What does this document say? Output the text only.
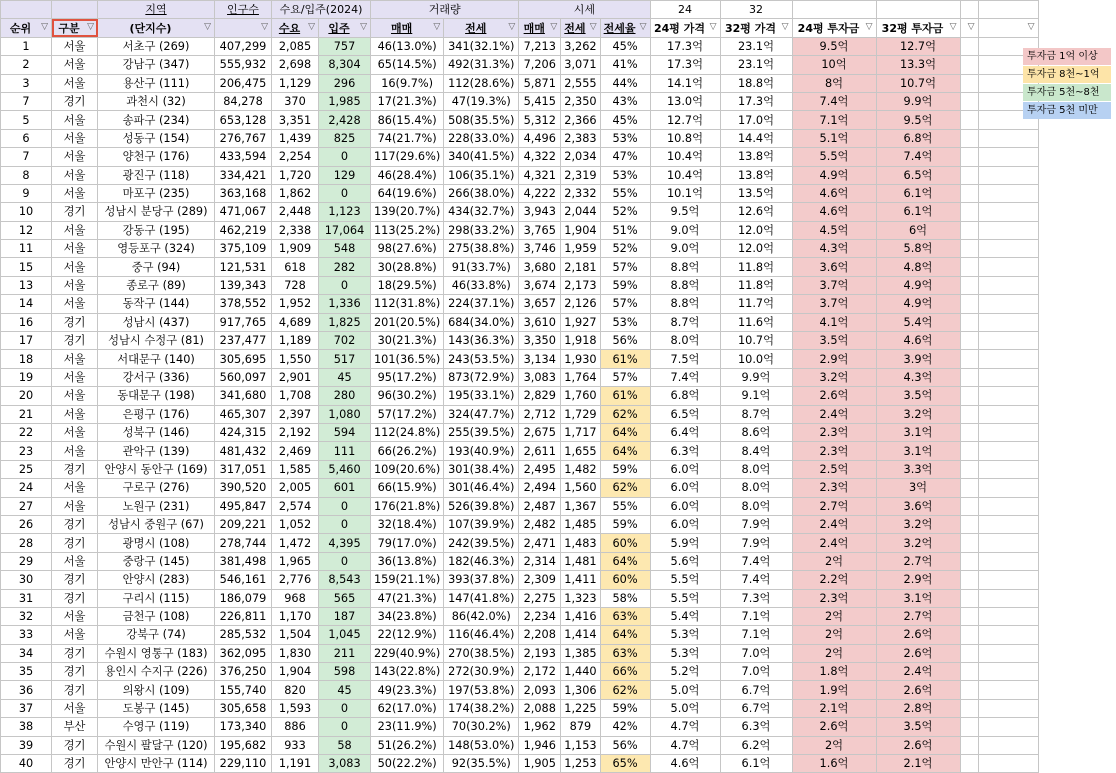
		지역	인구수	수요/입주(2024)		거래량		시세			24	32				
순위 ▽	구분 ▽	(단지수) ▽	▽	수요 ▽	입주 ▽	매매 ▽	전세 ▽	매매 ▽	전세 ▽	전세율 ▽	24평 가격 ▽	32평 가격 ▽	24평 투자금 ▽	32평 투자금 ▽	▽	▽

1	서울	서초구 (269)	407,299	2,085	757	46(13.0%)	341(32.1%)	7,213	3,262	45%	17.3억	23.1억	9.5억	12.7억		
2	서울	강남구 (347)	555,932	2,698	8,304	65(14.5%)	492(31.3%)	7,206	3,071	41%	17.3억	23.1억	10억	13.3억		
3	서울	용산구 (111)	206,475	1,129	296	16(9.7%)	112(28.6%)	5,871	2,555	44%	14.1억	18.8억	8억	10.7억		
7	경기	과천시 (32)	84,278	370	1,985	17(21.3%)	47(19.3%)	5,415	2,350	43%	13.0억	17.3억	7.4억	9.9억		
5	서울	송파구 (234)	653,128	3,351	2,428	86(15.4%)	508(35.5%)	5,312	2,366	45%	12.7억	17.0억	7.1억	9.5억		
6	서울	성동구 (154)	276,767	1,439	825	74(21.7%)	228(33.0%)	4,496	2,383	53%	10.8억	14.4억	5.1억	6.8억		
7	서울	양천구 (176)	433,594	2,254	0	117(29.6%)	340(41.5%)	4,322	2,034	47%	10.4억	13.8억	5.5억	7.4억		
8	서울	광진구 (118)	334,421	1,720	129	46(28.4%)	106(35.1%)	4,321	2,319	53%	10.4억	13.8억	4.9억	6.5억		
9	서울	마포구 (235)	363,168	1,862	0	64(19.6%)	266(38.0%)	4,222	2,332	55%	10.1억	13.5억	4.6억	6.1억		
10	경기	성남시 분당구 (289)	471,067	2,448	1,123	139(20.7%)	434(32.7%)	3,943	2,044	52%	9.5억	12.6억	4.6억	6.1억		
12	서울	강동구 (195)	462,219	2,338	17,064	113(25.2%)	298(33.2%)	3,765	1,904	51%	9.0억	12.0억	4.5억	6억		
11	서울	영등포구 (324)	375,109	1,909	548	98(27.6%)	275(38.8%)	3,746	1,959	52%	9.0억	12.0억	4.3억	5.8억		
15	서울	중구 (94)	121,531	618	282	30(28.8%)	91(33.7%)	3,680	2,181	57%	8.8억	11.8억	3.6억	4.8억		
13	서울	종로구 (89)	139,343	728	0	18(29.5%)	46(33.8%)	3,674	2,173	59%	8.8억	11.8억	3.7억	4.9억		
14	서울	동작구 (144)	378,552	1,952	1,336	112(31.8%)	224(37.1%)	3,657	2,126	57%	8.8억	11.7억	3.7억	4.9억		
16	경기	성남시 (437)	917,765	4,689	1,825	201(20.5%)	684(34.0%)	3,610	1,927	53%	8.7억	11.6억	4.1억	5.4억		
17	경기	성남시 수정구 (81)	237,477	1,189	702	30(21.3%)	143(36.3%)	3,350	1,918	56%	8.0억	10.7억	3.5억	4.6억		
18	서울	서대문구 (140)	305,695	1,550	517	101(36.5%)	243(53.5%)	3,134	1,930	61%	7.5억	10.0억	2.9억	3.9억		
19	서울	강서구 (336)	560,097	2,901	45	95(17.2%)	873(72.9%)	3,083	1,764	57%	7.4억	9.9억	3.2억	4.3억		
20	서울	동대문구 (198)	341,680	1,708	280	96(30.2%)	195(33.1%)	2,829	1,760	61%	6.8억	9.1억	2.6억	3.5억		
21	서울	은평구 (176)	465,307	2,397	1,080	57(17.2%)	324(47.7%)	2,712	1,729	62%	6.5억	8.7억	2.4억	3.2억		
22	서울	성북구 (146)	424,315	2,192	594	112(24.8%)	255(39.5%)	2,675	1,717	64%	6.4억	8.6억	2.3억	3.1억		
23	서울	관악구 (139)	481,432	2,469	111	66(26.2%)	193(40.9%)	2,611	1,655	64%	6.3억	8.4억	2.3억	3.1억		
25	경기	안양시 동안구 (169)	317,051	1,585	5,460	109(20.6%)	301(38.4%)	2,495	1,482	59%	6.0억	8.0억	2.5억	3.3억		
24	서울	구로구 (276)	390,520	2,005	601	66(15.9%)	301(46.4%)	2,494	1,560	62%	6.0억	8.0억	2.3억	3억		
27	서울	노원구 (231)	495,847	2,574	0	176(21.8%)	526(39.8%)	2,487	1,367	55%	6.0억	8.0억	2.7억	3.6억		
26	경기	성남시 중원구 (67)	209,221	1,052	0	32(18.4%)	107(39.9%)	2,482	1,485	59%	6.0억	7.9억	2.4억	3.2억		
28	경기	광명시 (108)	278,744	1,472	4,395	79(17.0%)	242(39.5%)	2,471	1,483	60%	5.9억	7.9억	2.4억	3.2억		
29	서울	중랑구 (145)	381,498	1,965	0	36(13.8%)	182(46.3%)	2,314	1,481	64%	5.6억	7.4억	2억	2.7억		
30	경기	안양시 (283)	546,161	2,776	8,543	159(21.1%)	393(37.8%)	2,309	1,411	60%	5.5억	7.4억	2.2억	2.9억		
31	경기	구리시 (115)	186,079	968	565	47(21.3%)	147(41.8%)	2,275	1,323	58%	5.5억	7.3억	2.3억	3.1억		
32	서울	금천구 (108)	226,811	1,170	187	34(23.8%)	86(42.0%)	2,234	1,416	63%	5.4억	7.1억	2억	2.7억		
33	서울	강북구 (74)	285,532	1,504	1,045	22(12.9%)	116(46.4%)	2,208	1,414	64%	5.3억	7.1억	2억	2.6억		
34	경기	수원시 영통구 (183)	362,095	1,830	211	229(40.9%)	270(38.5%)	2,193	1,385	63%	5.3억	7.0억	2억	2.6억		
35	경기	용인시 수지구 (226)	376,250	1,904	598	143(22.8%)	272(30.9%)	2,172	1,440	66%	5.2억	7.0억	1.8억	2.4억		
36	경기	의왕시 (109)	155,740	820	45	49(23.3%)	197(53.8%)	2,093	1,306	62%	5.0억	6.7억	1.9억	2.6억		
37	서울	도봉구 (145)	305,658	1,593	0	62(17.0%)	174(38.2%)	2,088	1,225	59%	5.0억	6.7억	2.1억	2.8억		
38	부산	수영구 (119)	173,340	886	0	23(11.9%)	70(30.2%)	1,962	879	42%	4.7억	6.3억	2.6억	3.5억		
39	경기	수원시 팔달구 (120)	195,682	933	58	51(26.2%)	148(53.0%)	1,946	1,153	56%	4.7억	6.2억	2억	2.6억		
40	경기	안양시 만안구 (114)	229,110	1,191	3,083	50(22.2%)	92(35.5%)	1,905	1,253	65%	4.6억	6.1억	1.6억	2.1억		
투자금 1억 이상
투자금 8천~1억
투자금 5천~8천
투자금 5천 미만
